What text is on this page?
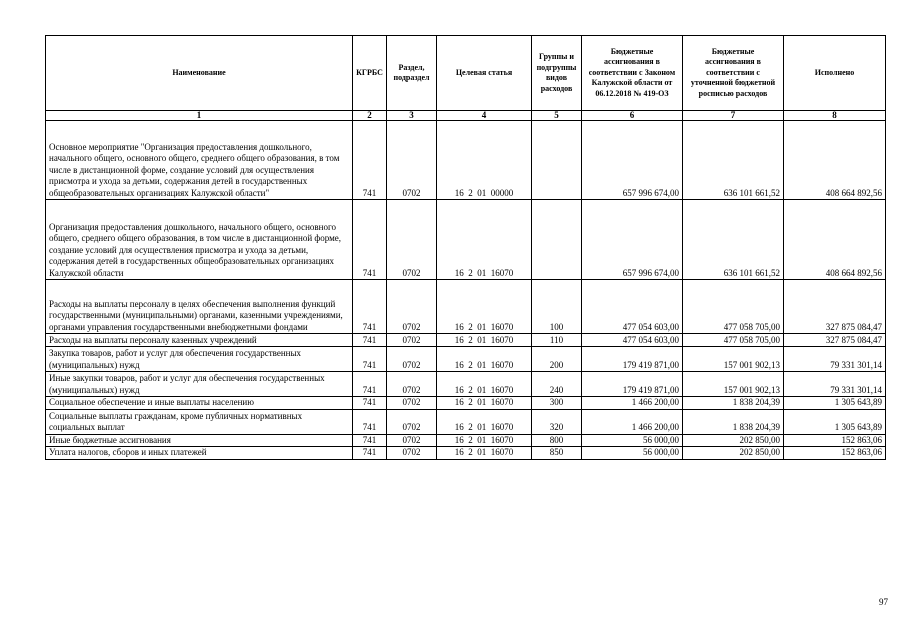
Наименование	КГРБС	Раздел, подраздел	Целевая статья	Группы и подгруппы видов расходов	Бюджетные ассигнования в соответствии с Законом Калужской области от 06.12.2018 № 419-ОЗ	Бюджетные ассигнования в соответствии с уточненной бюджетной росписью расходов	Исполнено
1	2	3	4	5	6	7	8
Основное мероприятие "Организация предоставления дошкольного, начального общего, основного общего, среднего общего образования, в том числе в дистанционной форме, создание условий для осуществления присмотра и ухода за детьми, содержания детей в государственных общеобразовательных организациях Калужской области"	741	0702	16  2  01  00000		657 996 674,00	636 101 661,52	408 664 892,56
Организация предоставления дошкольного, начального общего, основного общего, среднего общего образования, в том числе в дистанционной форме, создание условий для осуществления присмотра и ухода за детьми, содержания детей в государственных общеобразовательных организациях Калужской области	741	0702	16  2  01  16070		657 996 674,00	636 101 661,52	408 664 892,56
Расходы на выплаты персоналу в целях обеспечения выполнения функций государственными (муниципальными) органами, казенными учреждениями, органами управления государственными внебюджетными фондами	741	0702	16  2  01  16070	100	477 054 603,00	477 058 705,00	327 875 084,47
Расходы на выплаты персоналу казенных учреждений	741	0702	16  2  01  16070	110	477 054 603,00	477 058 705,00	327 875 084,47
Закупка товаров, работ и услуг для обеспечения государственных (муниципальных) нужд	741	0702	16  2  01  16070	200	179 419 871,00	157 001 902,13	79 331 301,14
Иные закупки товаров, работ и услуг для обеспечения государственных (муниципальных) нужд	741	0702	16  2  01  16070	240	179 419 871,00	157 001 902,13	79 331 301,14
Социальное обеспечение и иные выплаты населению	741	0702	16  2  01  16070	300	1 466 200,00	1 838 204,39	1 305 643,89
Социальные выплаты гражданам, кроме публичных нормативных социальных выплат	741	0702	16  2  01  16070	320	1 466 200,00	1 838 204,39	1 305 643,89
Иные бюджетные ассигнования	741	0702	16  2  01  16070	800	56 000,00	202 850,00	152 863,06
Уплата налогов, сборов и иных платежей	741	0702	16  2  01  16070	850	56 000,00	202 850,00	152 863,06
97
